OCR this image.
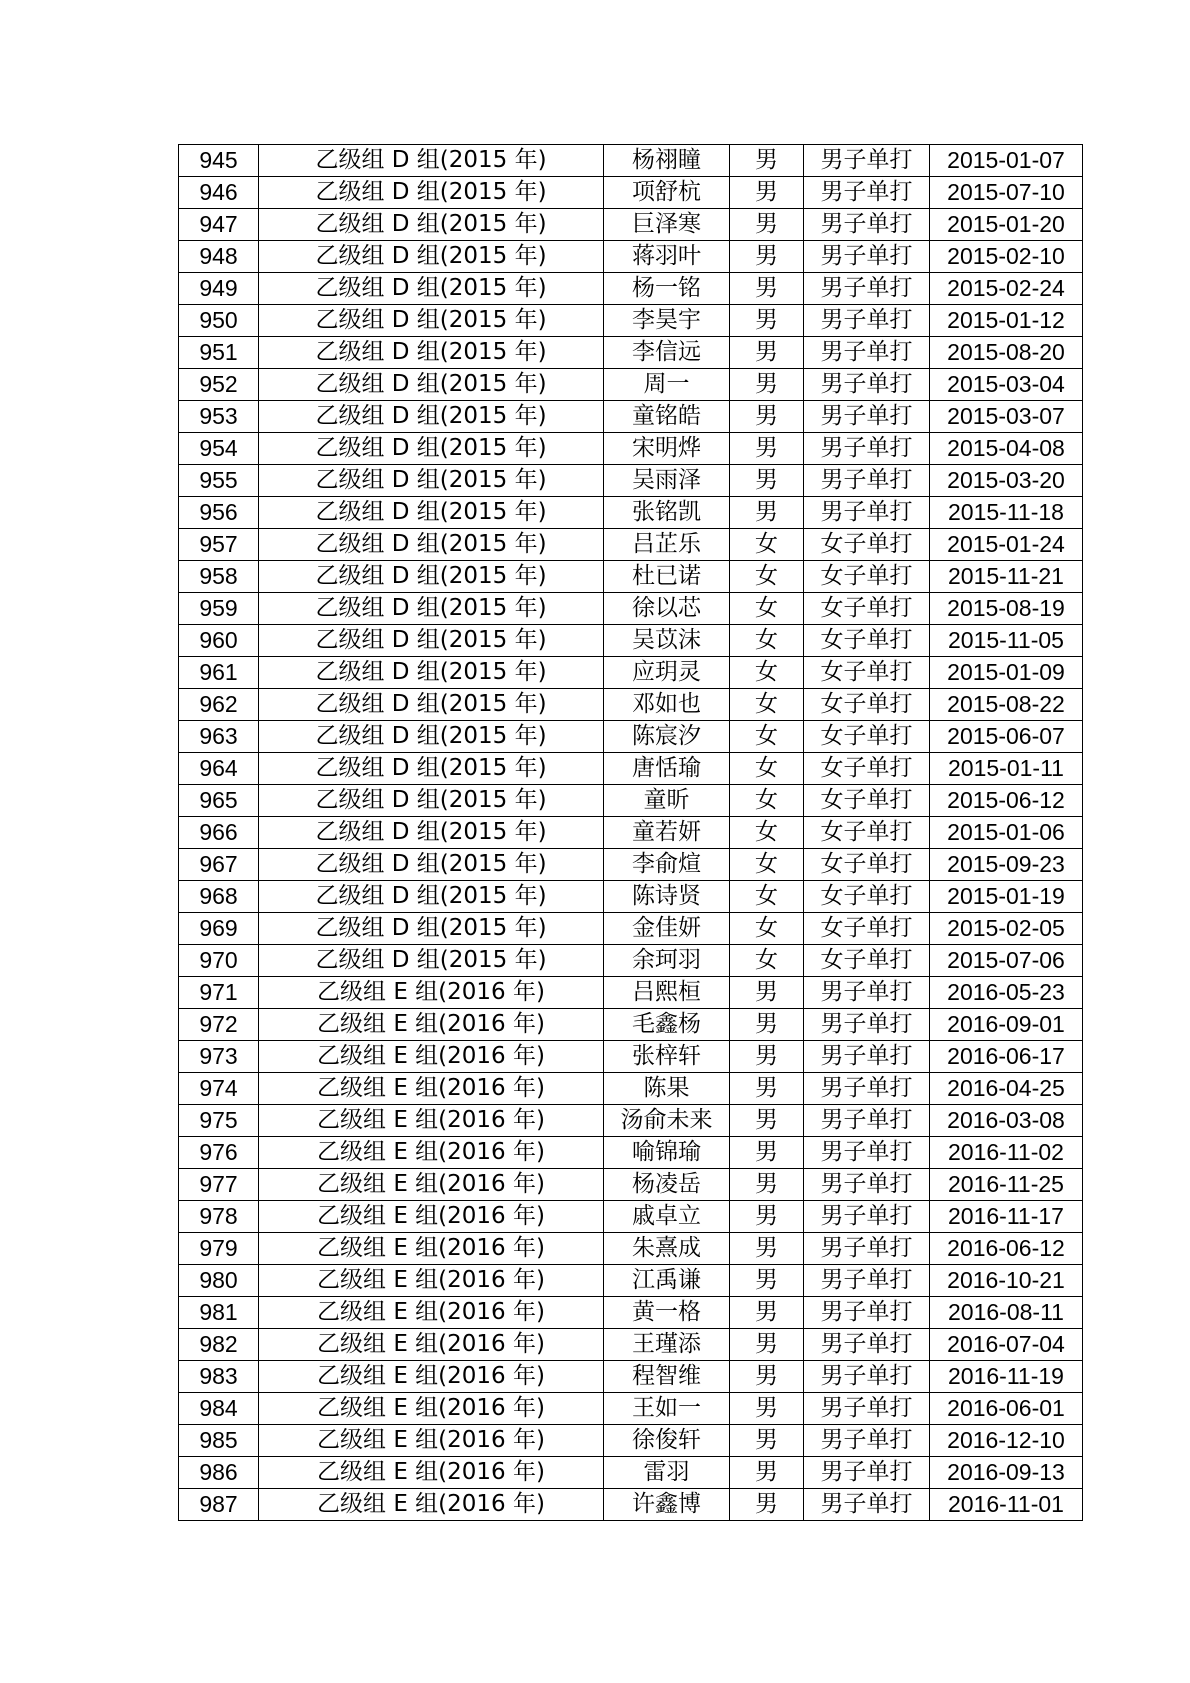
945	乙级组 D 组(2015 年)	杨祤瞳	男	男子单打	2015-01-07
946	乙级组 D 组(2015 年)	项舒杭	男	男子单打	2015-07-10
947	乙级组 D 组(2015 年)	巨泽寒	男	男子单打	2015-01-20
948	乙级组 D 组(2015 年)	蒋羽叶	男	男子单打	2015-02-10
949	乙级组 D 组(2015 年)	杨一铭	男	男子单打	2015-02-24
950	乙级组 D 组(2015 年)	李昊宇	男	男子单打	2015-01-12
951	乙级组 D 组(2015 年)	李信远	男	男子单打	2015-08-20
952	乙级组 D 组(2015 年)	周一	男	男子单打	2015-03-04
953	乙级组 D 组(2015 年)	童铭皓	男	男子单打	2015-03-07
954	乙级组 D 组(2015 年)	宋明烨	男	男子单打	2015-04-08
955	乙级组 D 组(2015 年)	吴雨泽	男	男子单打	2015-03-20
956	乙级组 D 组(2015 年)	张铭凯	男	男子单打	2015-11-18
957	乙级组 D 组(2015 年)	吕芷乐	女	女子单打	2015-01-24
958	乙级组 D 组(2015 年)	杜已诺	女	女子单打	2015-11-21
959	乙级组 D 组(2015 年)	徐以芯	女	女子单打	2015-08-19
960	乙级组 D 组(2015 年)	吴苡沫	女	女子单打	2015-11-05
961	乙级组 D 组(2015 年)	应玥灵	女	女子单打	2015-01-09
962	乙级组 D 组(2015 年)	邓如也	女	女子单打	2015-08-22
963	乙级组 D 组(2015 年)	陈宸汐	女	女子单打	2015-06-07
964	乙级组 D 组(2015 年)	唐恬瑜	女	女子单打	2015-01-11
965	乙级组 D 组(2015 年)	童昕	女	女子单打	2015-06-12
966	乙级组 D 组(2015 年)	童若妍	女	女子单打	2015-01-06
967	乙级组 D 组(2015 年)	李俞煊	女	女子单打	2015-09-23
968	乙级组 D 组(2015 年)	陈诗贤	女	女子单打	2015-01-19
969	乙级组 D 组(2015 年)	金佳妍	女	女子单打	2015-02-05
970	乙级组 D 组(2015 年)	余珂羽	女	女子单打	2015-07-06
971	乙级组 E 组(2016 年)	吕熙桓	男	男子单打	2016-05-23
972	乙级组 E 组(2016 年)	毛鑫杨	男	男子单打	2016-09-01
973	乙级组 E 组(2016 年)	张梓轩	男	男子单打	2016-06-17
974	乙级组 E 组(2016 年)	陈果	男	男子单打	2016-04-25
975	乙级组 E 组(2016 年)	汤俞未来	男	男子单打	2016-03-08
976	乙级组 E 组(2016 年)	喻锦瑜	男	男子单打	2016-11-02
977	乙级组 E 组(2016 年)	杨凌岳	男	男子单打	2016-11-25
978	乙级组 E 组(2016 年)	戚卓立	男	男子单打	2016-11-17
979	乙级组 E 组(2016 年)	朱熹成	男	男子单打	2016-06-12
980	乙级组 E 组(2016 年)	江禹谦	男	男子单打	2016-10-21
981	乙级组 E 组(2016 年)	黄一格	男	男子单打	2016-08-11
982	乙级组 E 组(2016 年)	王瑾添	男	男子单打	2016-07-04
983	乙级组 E 组(2016 年)	程智维	男	男子单打	2016-11-19
984	乙级组 E 组(2016 年)	王如一	男	男子单打	2016-06-01
985	乙级组 E 组(2016 年)	徐俊轩	男	男子单打	2016-12-10
986	乙级组 E 组(2016 年)	雷羽	男	男子单打	2016-09-13
987	乙级组 E 组(2016 年)	许鑫博	男	男子单打	2016-11-01
